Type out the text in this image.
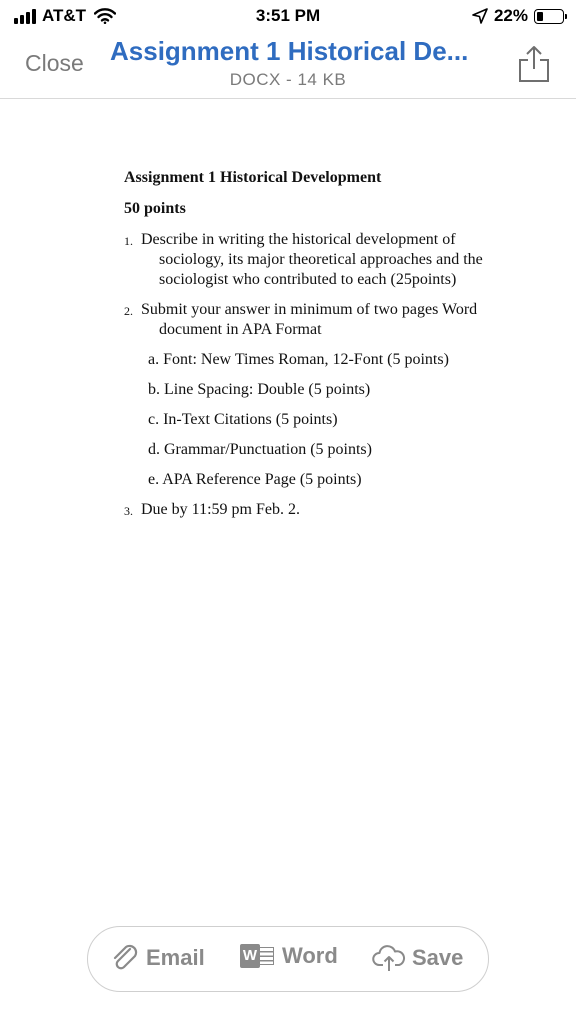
AT&T	3:51 PM	22%
Close Assignment 1 Historical De...
DOCX - 14 KB
Assignment 1 Historical Development
50 points
1. Describe in writing the historical development of sociology, its major theoretical approaches and the sociologist who contributed to each (25points)
2. Submit your answer in minimum of two pages Word document in APA Format
a. Font: New Times Roman, 12-Font (5 points)
b. Line Spacing: Double (5 points)
c. In-Text Citations (5 points)
d. Grammar/Punctuation (5 points)
e. APA Reference Page (5 points)
3. Due by 11:59 pm Feb. 2.
Email	W Word	Save
